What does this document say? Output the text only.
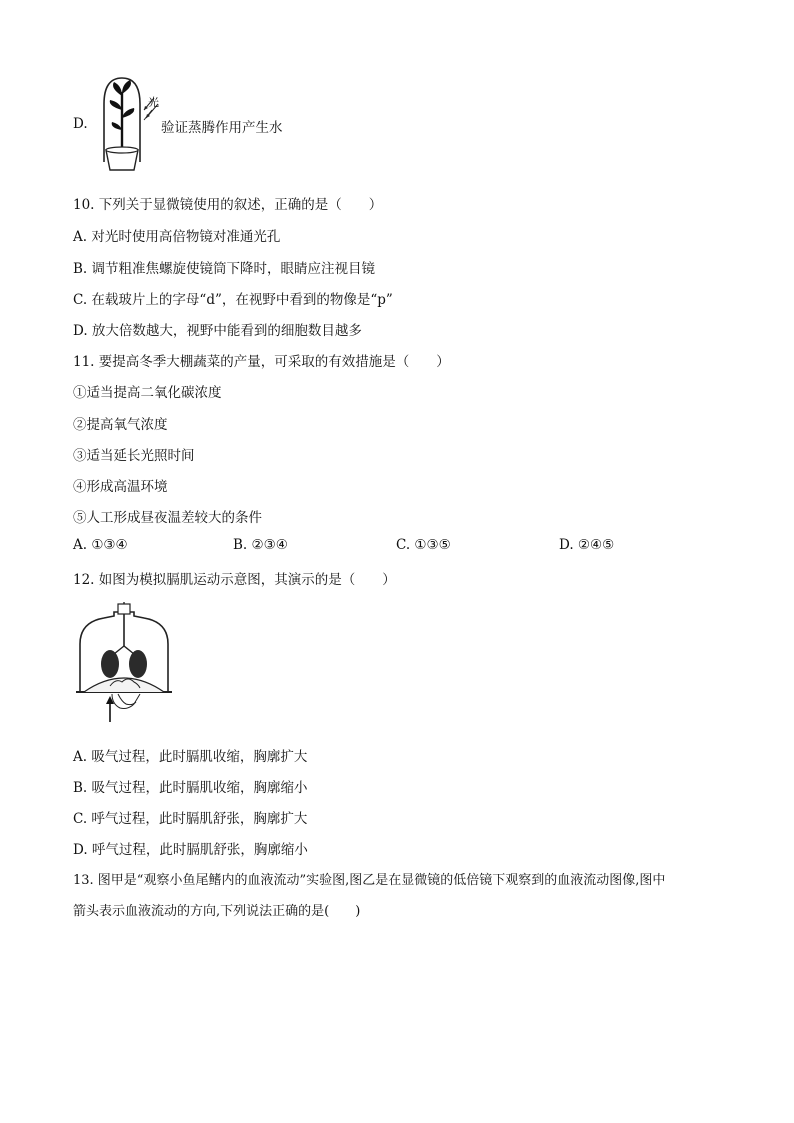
D.
光
验证蒸腾作用产生水
10. 下列关于显微镜使用的叙述，正确的是（　　）
A. 对光时使用高倍物镜对准通光孔
B. 调节粗准焦螺旋使镜筒下降时，眼睛应注视目镜
C. 在载玻片上的字母“d”，在视野中看到的物像是“p”
D. 放大倍数越大，视野中能看到的细胞数目越多
11. 要提高冬季大棚蔬菜的产量，可采取的有效措施是（　　）
①适当提高二氧化碳浓度
②提高氧气浓度
③适当延长光照时间
④形成高温环境
⑤人工形成昼夜温差较大的条件
A. ①③④	B. ②③④	C. ①③⑤	D. ②④⑤
12. 如图为模拟膈肌运动示意图，其演示的是（　　）
A. 吸气过程，此时膈肌收缩，胸廓扩大
B. 吸气过程，此时膈肌收缩，胸廓缩小
C. 呼气过程，此时膈肌舒张，胸廓扩大
D. 呼气过程，此时膈肌舒张，胸廓缩小
13. 图甲是“观察小鱼尾鳍内的血液流动”实验图,图乙是在显微镜的低倍镜下观察到的血液流动图像,图中
箭头表示血液流动的方向,下列说法正确的是(　　)
